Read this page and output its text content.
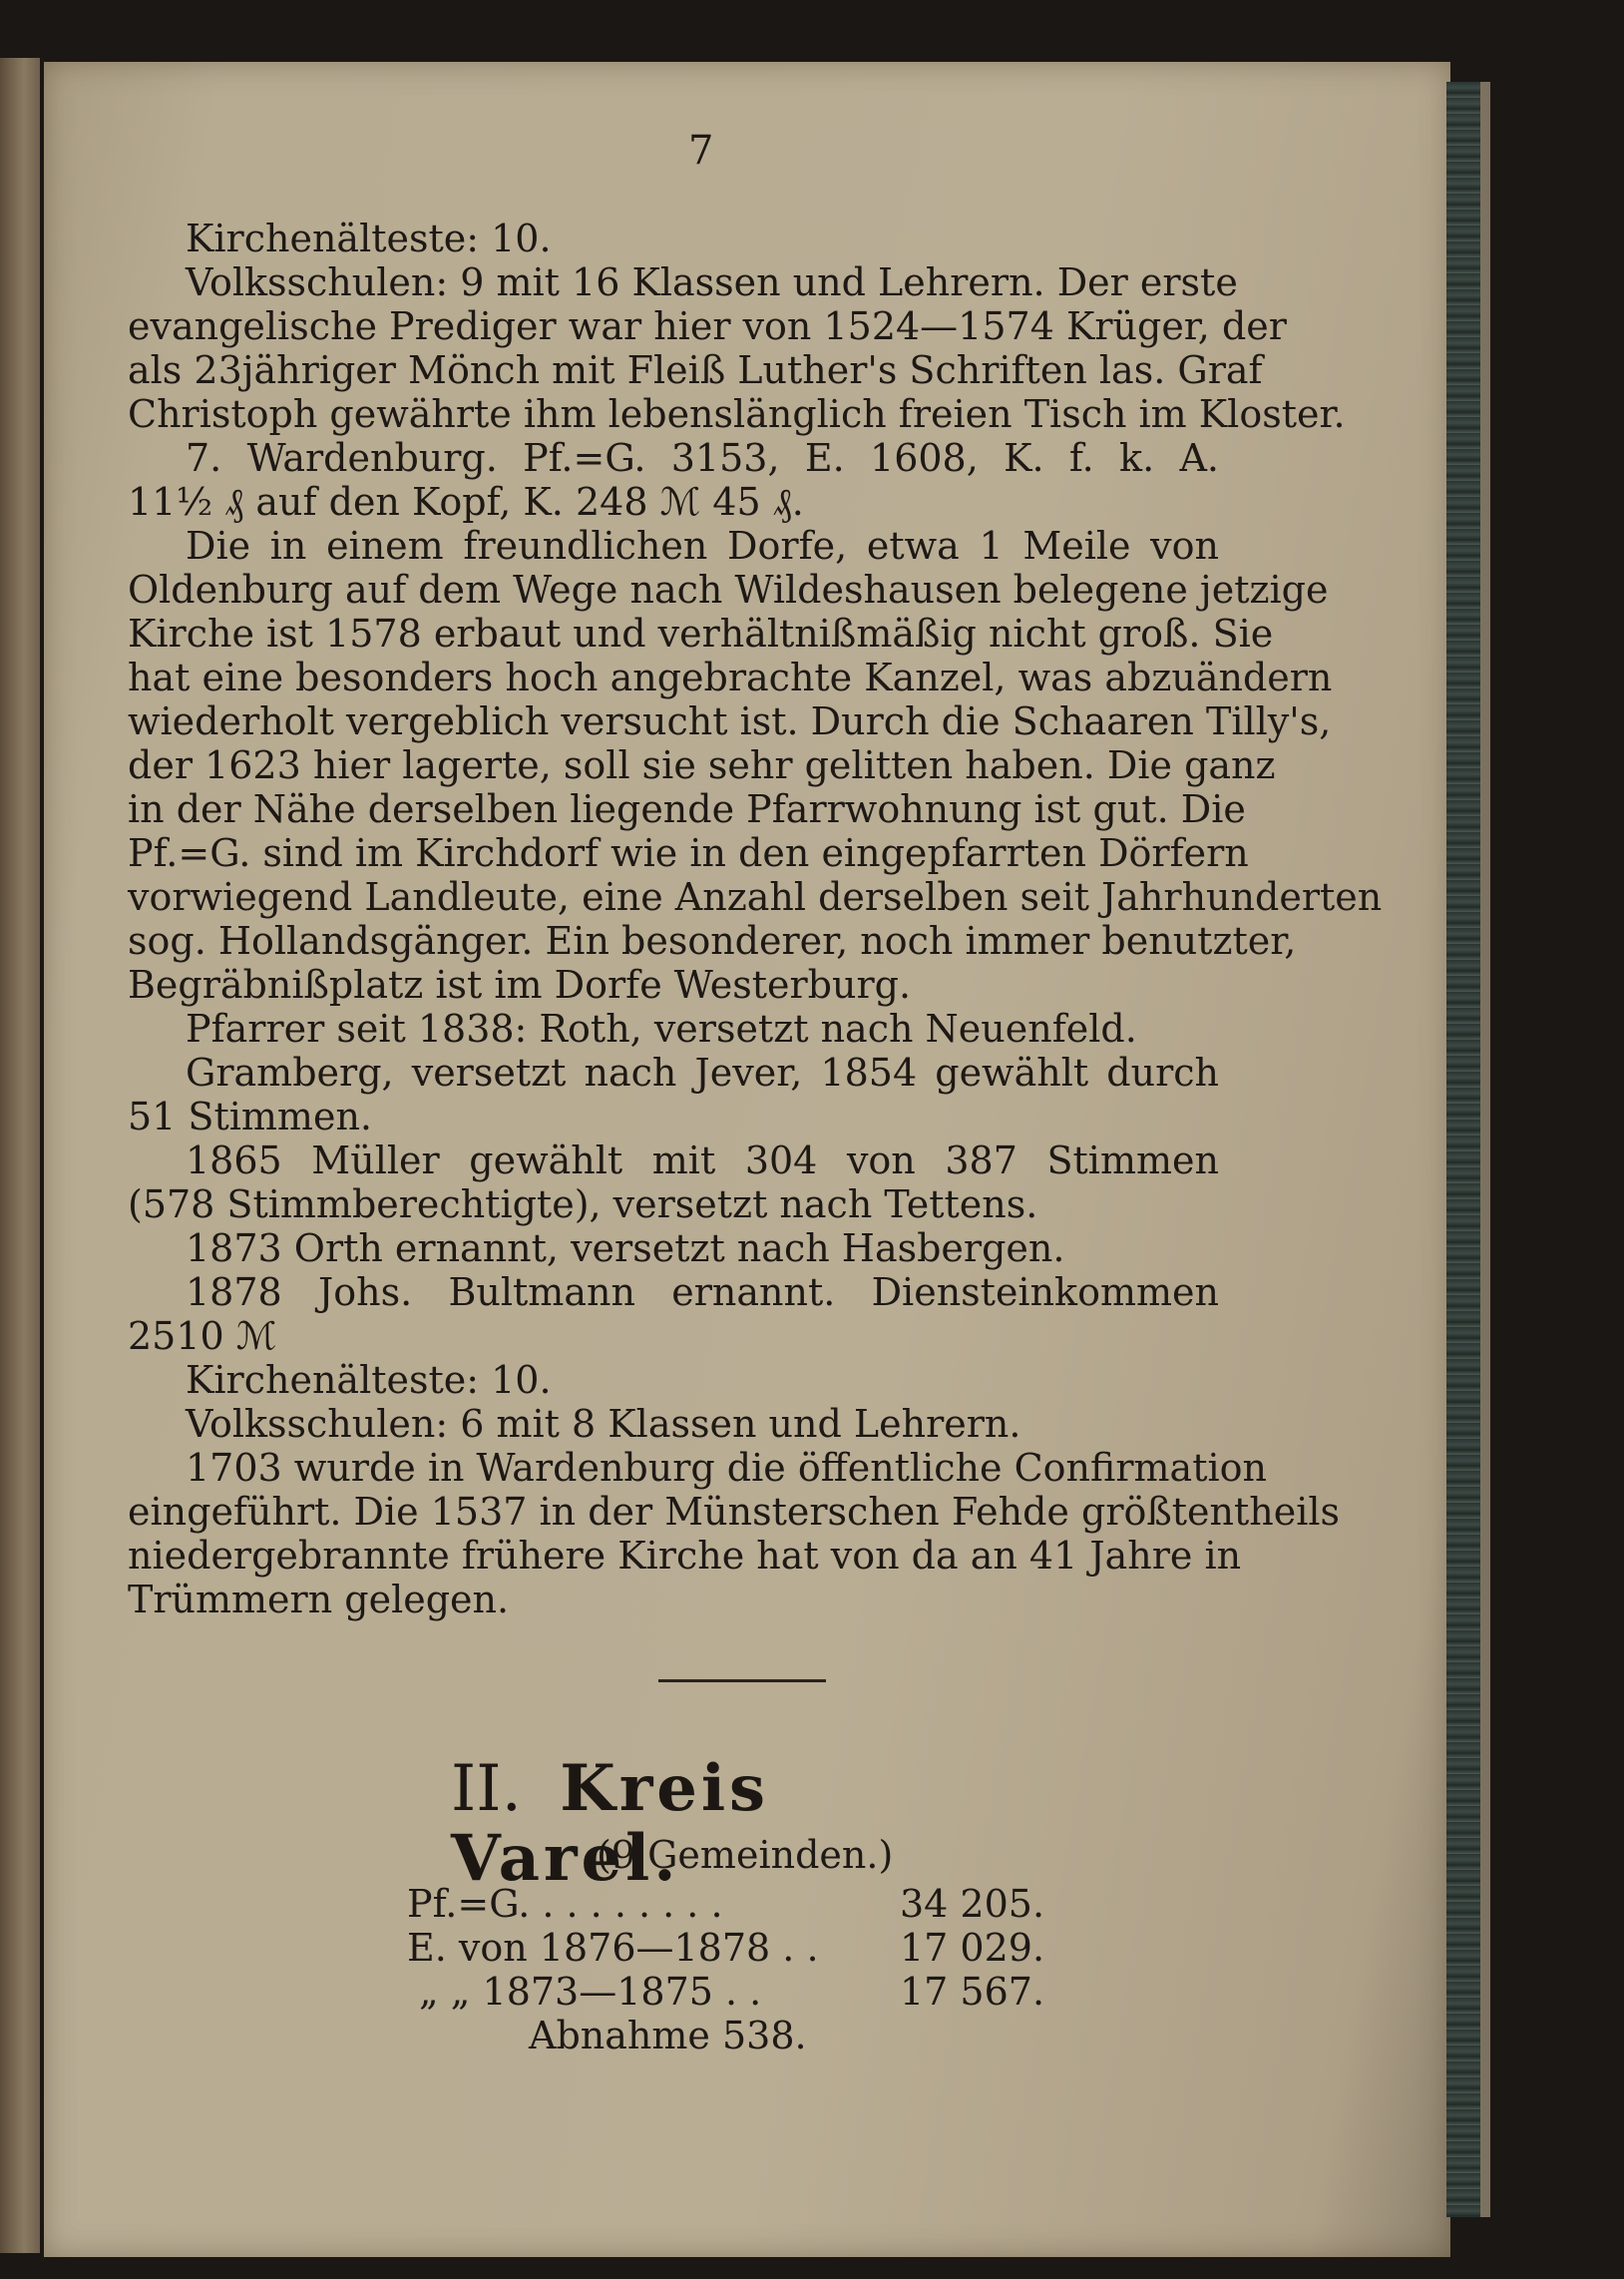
7
Kirchenälteste: 10.
Volksschulen: 9 mit 16 Klassen und Lehrern. Der erste
evangelische Prediger war hier von 1524—1574 Krüger, der
als 23jähriger Mönch mit Fleiß Luther's Schriften las. Graf
Christoph gewährte ihm lebenslänglich freien Tisch im Kloster.
7. Wardenburg. Pf.=G. 3153, E. 1608, K. f. k. A.
11½ ₰ auf den Kopf, K. 248 ℳ 45 ₰.
Die in einem freundlichen Dorfe, etwa 1 Meile von
Oldenburg auf dem Wege nach Wildeshausen belegene jetzige
Kirche ist 1578 erbaut und verhältnißmäßig nicht groß. Sie
hat eine besonders hoch angebrachte Kanzel, was abzuändern
wiederholt vergeblich versucht ist. Durch die Schaaren Tilly's,
der 1623 hier lagerte, soll sie sehr gelitten haben. Die ganz
in der Nähe derselben liegende Pfarrwohnung ist gut. Die
Pf.=G. sind im Kirchdorf wie in den eingepfarrten Dörfern
vorwiegend Landleute, eine Anzahl derselben seit Jahrhunderten
sog. Hollandsgänger. Ein besonderer, noch immer benutzter,
Begräbnißplatz ist im Dorfe Westerburg.
Pfarrer seit 1838: Roth, versetzt nach Neuenfeld.
Gramberg, versetzt nach Jever, 1854 gewählt durch
51 Stimmen.
1865 Müller gewählt mit 304 von 387 Stimmen
(578 Stimmberechtigte), versetzt nach Tettens.
1873 Orth ernannt, versetzt nach Hasbergen.
1878 Johs. Bultmann ernannt. Diensteinkommen
2510 ℳ
Kirchenälteste: 10.
Volksschulen: 6 mit 8 Klassen und Lehrern.
1703 wurde in Wardenburg die öffentliche Confirmation
eingeführt. Die 1537 in der Münsterschen Fehde größtentheils
niedergebrannte frühere Kirche hat von da an 41 Jahre in
Trümmern gelegen.
II. Kreis Varel.
(9 Gemeinden.)
Pf.=G. . . . . . . . .	34 205.
E. von 1876—1878 . . 17 029.
„ „ 1873—1875 . .	17 567.
Abnahme 538.
